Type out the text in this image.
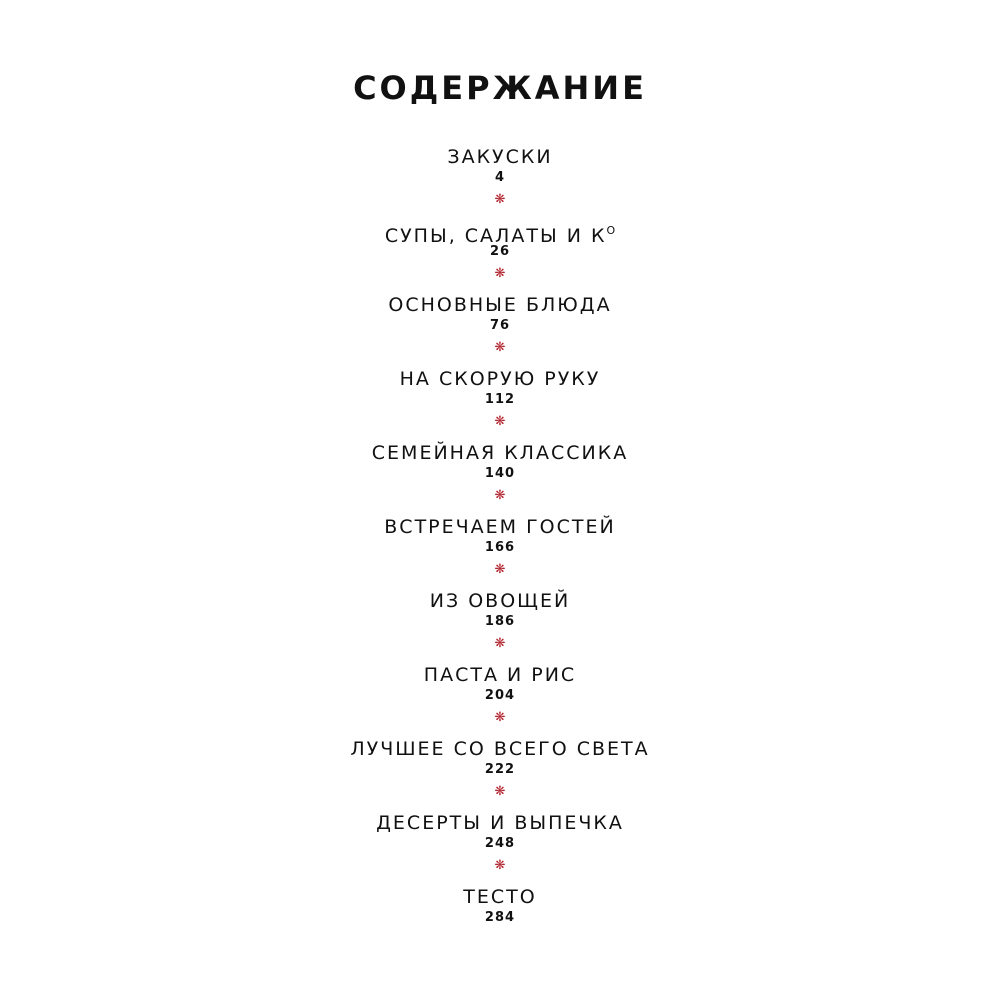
СОДЕРЖАНИЕ
ЗАКУСКИ
4
❋
СУПЫ, САЛАТЫ И $К^О$
26
❋
ОСНОВНЫЕ БЛЮДА
76
❋
НА СКОРУЮ РУКУ
112
❋
СЕМЕЙНАЯ КЛАССИКА
140
❋
ВСТРЕЧАЕМ ГОСТЕЙ
166
❋
ИЗ ОВОЩЕЙ
186
❋
ПАСТА И РИС
204
❋
ЛУЧШЕЕ СО ВСЕГО СВЕТА
222
❋
ДЕСЕРТЫ И ВЫПЕЧКА
248
❋
ТЕСТО
284
